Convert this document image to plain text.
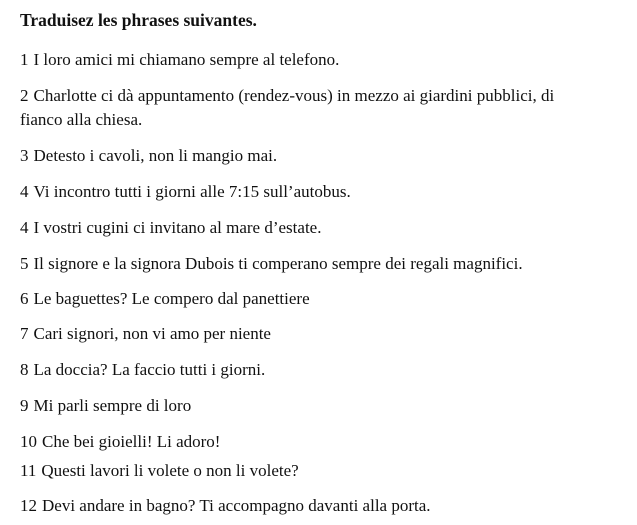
Traduisez les phrases suivantes.
1 I loro amici mi chiamano sempre al telefono.
2 Charlotte ci dà appuntamento (rendez-vous) in mezzo ai giardini pubblici, di
fianco alla chiesa.
3 Detesto i cavoli, non li mangio mai.
4 Vi incontro tutti i giorni alle 7:15 sull’autobus.
4 I vostri cugini ci invitano al mare d’estate.
5 Il signore e la signora Dubois ti comperano sempre dei regali magnifici.
6 Le baguettes? Le compero dal panettiere
7 Cari signori, non vi amo per niente
8 La doccia? La faccio tutti i giorni.
9 Mi parli sempre di loro
10 Che bei gioielli! Li adoro!
11 Questi lavori li volete o non li volete?
12 Devi andare in bagno? Ti accompagno davanti alla porta.
